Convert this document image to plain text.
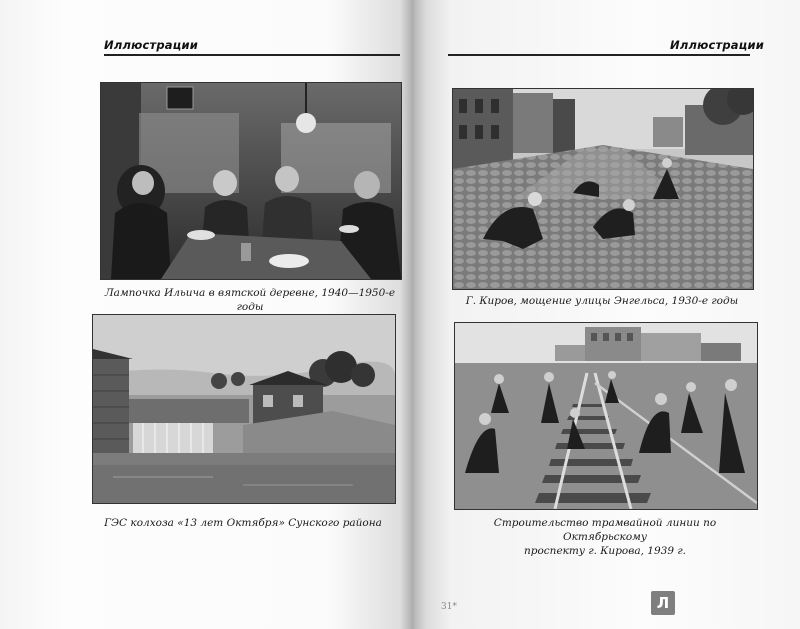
Иллюстрации	Иллюстрации
Лампочка Ильича в вятской деревне, 1940—1950-е годы
ГЭС колхоза «13 лет Октября» Сунского района
Г. Киров, мощение улицы Энгельса, 1930-е годы
Строительство трамвайной линии по Октябрьскому
проспекту г. Кирова, 1939 г.
31*	Л
